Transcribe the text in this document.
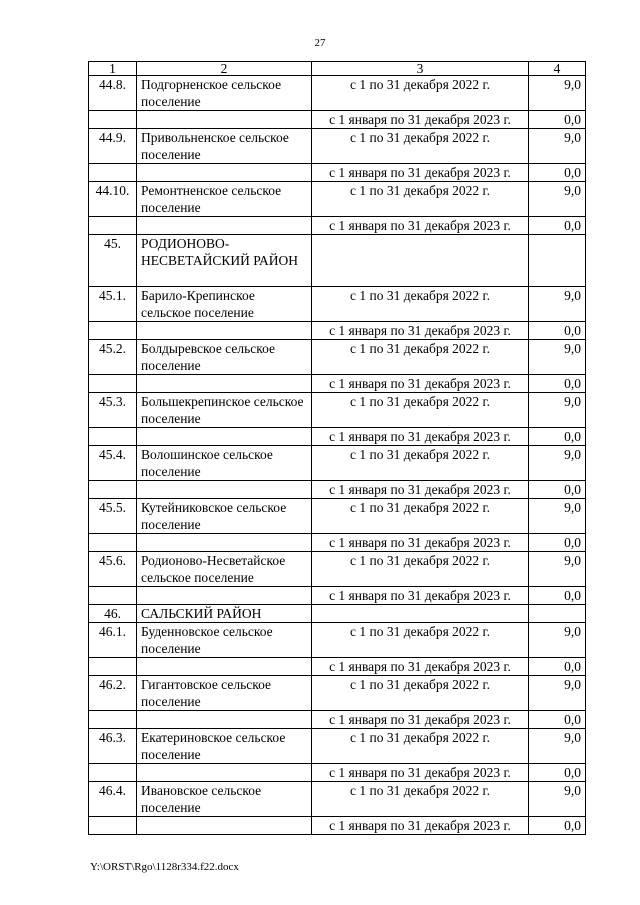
27
1	2	3	4
44.8.	Подгорненское сельское поселение	с 1 по 31 декабря 2022 г.	9,0
		с 1 января по 31 декабря 2023 г.	0,0
44.9.	Привольненское сельское поселение	с 1 по 31 декабря 2022 г.	9,0
		с 1 января по 31 декабря 2023 г.	0,0
44.10.	Ремонтненское сельское поселение	с 1 по 31 декабря 2022 г.	9,0
		с 1 января по 31 декабря 2023 г.	0,0
45.	РОДИОНОВО-НЕСВЕТАЙСКИЙ РАЙОН		
45.1.	Барило-Крепинское сельское поселение	с 1 по 31 декабря 2022 г.	9,0
		с 1 января по 31 декабря 2023 г.	0,0
45.2.	Болдыревское сельское поселение	с 1 по 31 декабря 2022 г.	9,0
		с 1 января по 31 декабря 2023 г.	0,0
45.3.	Большекрепинское сельское поселение	с 1 по 31 декабря 2022 г.	9,0
		с 1 января по 31 декабря 2023 г.	0,0
45.4.	Волошинское сельское поселение	с 1 по 31 декабря 2022 г.	9,0
		с 1 января по 31 декабря 2023 г.	0,0
45.5.	Кутейниковское сельское поселение	с 1 по 31 декабря 2022 г.	9,0
		с 1 января по 31 декабря 2023 г.	0,0
45.6.	Родионово-Несветайское сельское поселение	с 1 по 31 декабря 2022 г.	9,0
		с 1 января по 31 декабря 2023 г.	0,0
46.	САЛЬСКИЙ РАЙОН		
46.1.	Буденновское сельское поселение	с 1 по 31 декабря 2022 г.	9,0
		с 1 января по 31 декабря 2023 г.	0,0
46.2.	Гигантовское сельское поселение	с 1 по 31 декабря 2022 г.	9,0
		с 1 января по 31 декабря 2023 г.	0,0
46.3.	Екатериновское сельское поселение	с 1 по 31 декабря 2022 г.	9,0
		с 1 января по 31 декабря 2023 г.	0,0
46.4.	Ивановское сельское поселение	с 1 по 31 декабря 2022 г.	9,0
		с 1 января по 31 декабря 2023 г.	0,0
Y:\ORST\Rgo\1128r334.f22.docx
